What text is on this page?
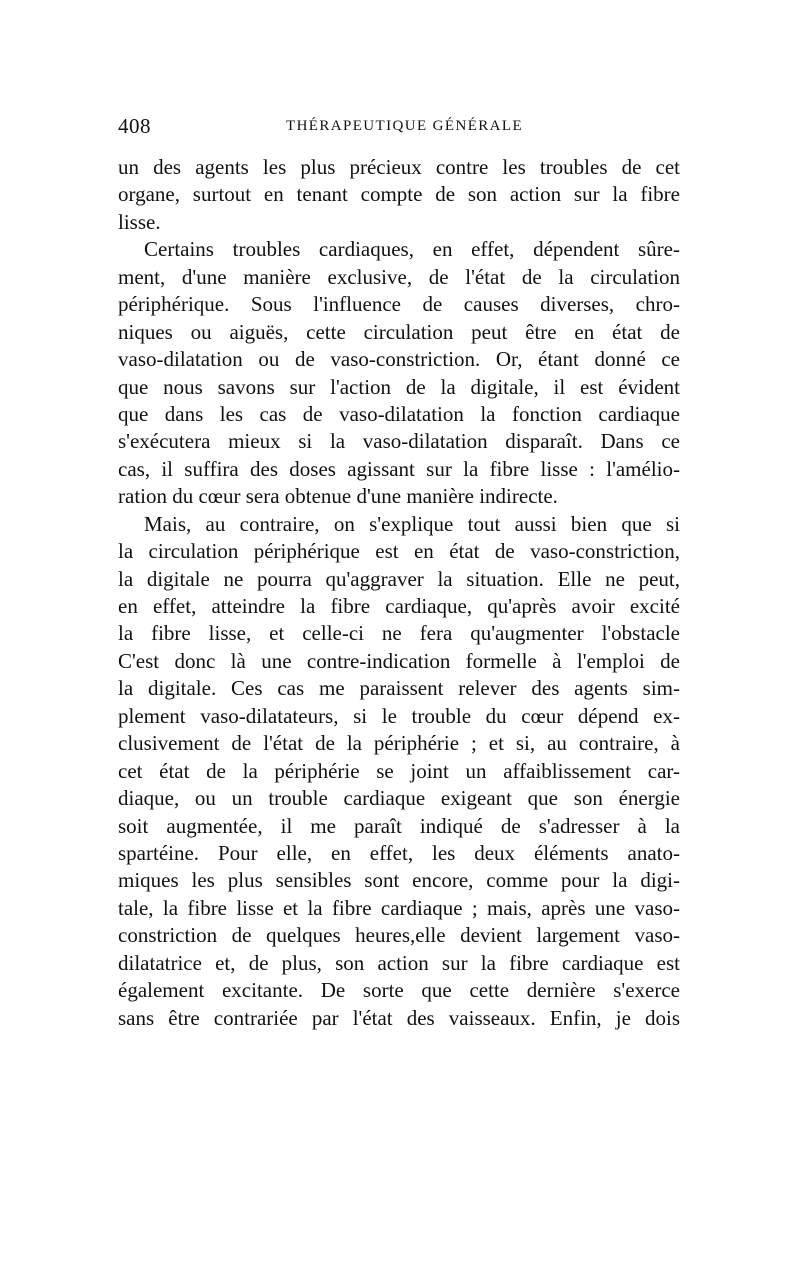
408	THÉRAPEUTIQUE GÉNÉRALE
un des agents les plus précieux contre les troubles de cet
organe, surtout en tenant compte de son action sur la fibre
lisse.
Certains troubles cardiaques, en effet, dépendent sûre-
ment, d'une manière exclusive, de l'état de la circulation
périphérique. Sous l'influence de causes diverses, chro-
niques ou aiguës, cette circulation peut être en état de
vaso-dilatation ou de vaso-constriction. Or, étant donné ce
que nous savons sur l'action de la digitale, il est évident
que dans les cas de vaso-dilatation la fonction cardiaque
s'exécutera mieux si la vaso-dilatation disparaît. Dans ce
cas, il suffira des doses agissant sur la fibre lisse : l'amélio-
ration du cœur sera obtenue d'une manière indirecte.
Mais, au contraire, on s'explique tout aussi bien que si
la circulation périphérique est en état de vaso-constriction,
la digitale ne pourra qu'aggraver la situation. Elle ne peut,
en effet, atteindre la fibre cardiaque, qu'après avoir excité
la fibre lisse, et celle-ci ne fera qu'augmenter l'obstacle
C'est donc là une contre-indication formelle à l'emploi de
la digitale. Ces cas me paraissent relever des agents sim-
plement vaso-dilatateurs, si le trouble du cœur dépend ex-
clusivement de l'état de la périphérie ; et si, au contraire, à
cet état de la périphérie se joint un affaiblissement car-
diaque, ou un trouble cardiaque exigeant que son énergie
soit augmentée, il me paraît indiqué de s'adresser à la
spartéine. Pour elle, en effet, les deux éléments anato-
miques les plus sensibles sont encore, comme pour la digi-
tale, la fibre lisse et la fibre cardiaque ; mais, après une vaso-
constriction de quelques heures,elle devient largement vaso-
dilatatrice et, de plus, son action sur la fibre cardiaque est
également excitante. De sorte que cette dernière s'exerce
sans être contrariée par l'état des vaisseaux. Enfin, je dois
